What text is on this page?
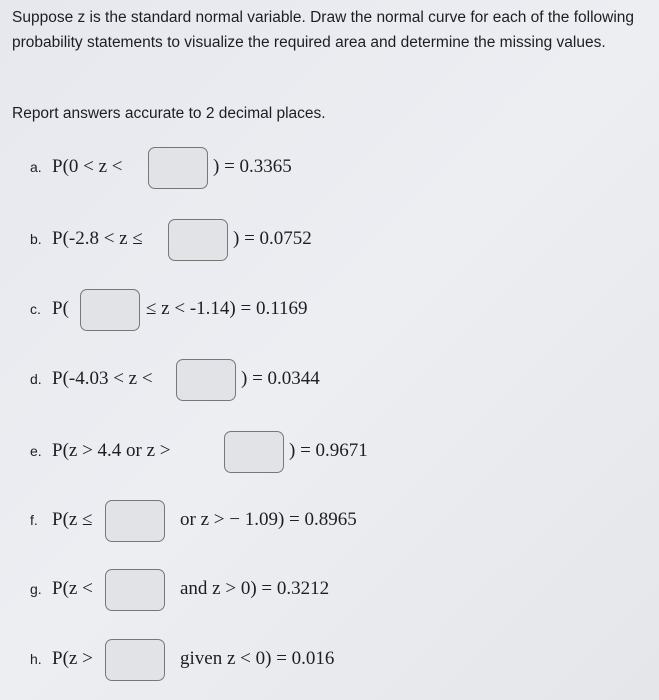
Suppose z is the standard normal variable. Draw the normal curve for each of the following probability statements to visualize the required area and determine the missing values.
Report answers accurate to 2 decimal places.
a. P(0 < z <	) = 0.3365
b. P(-2.8 < z ≤	) = 0.0752
c. P(	≤ z < -1.14) = 0.1169
d. P(-4.03 < z <	) = 0.0344
e. P(z > 4.4 or z >	) = 0.9671
f. P(z ≤	or z > − 1.09) = 0.8965
g. P(z <	and z > 0) = 0.3212
h. P(z >	given z < 0) = 0.016
